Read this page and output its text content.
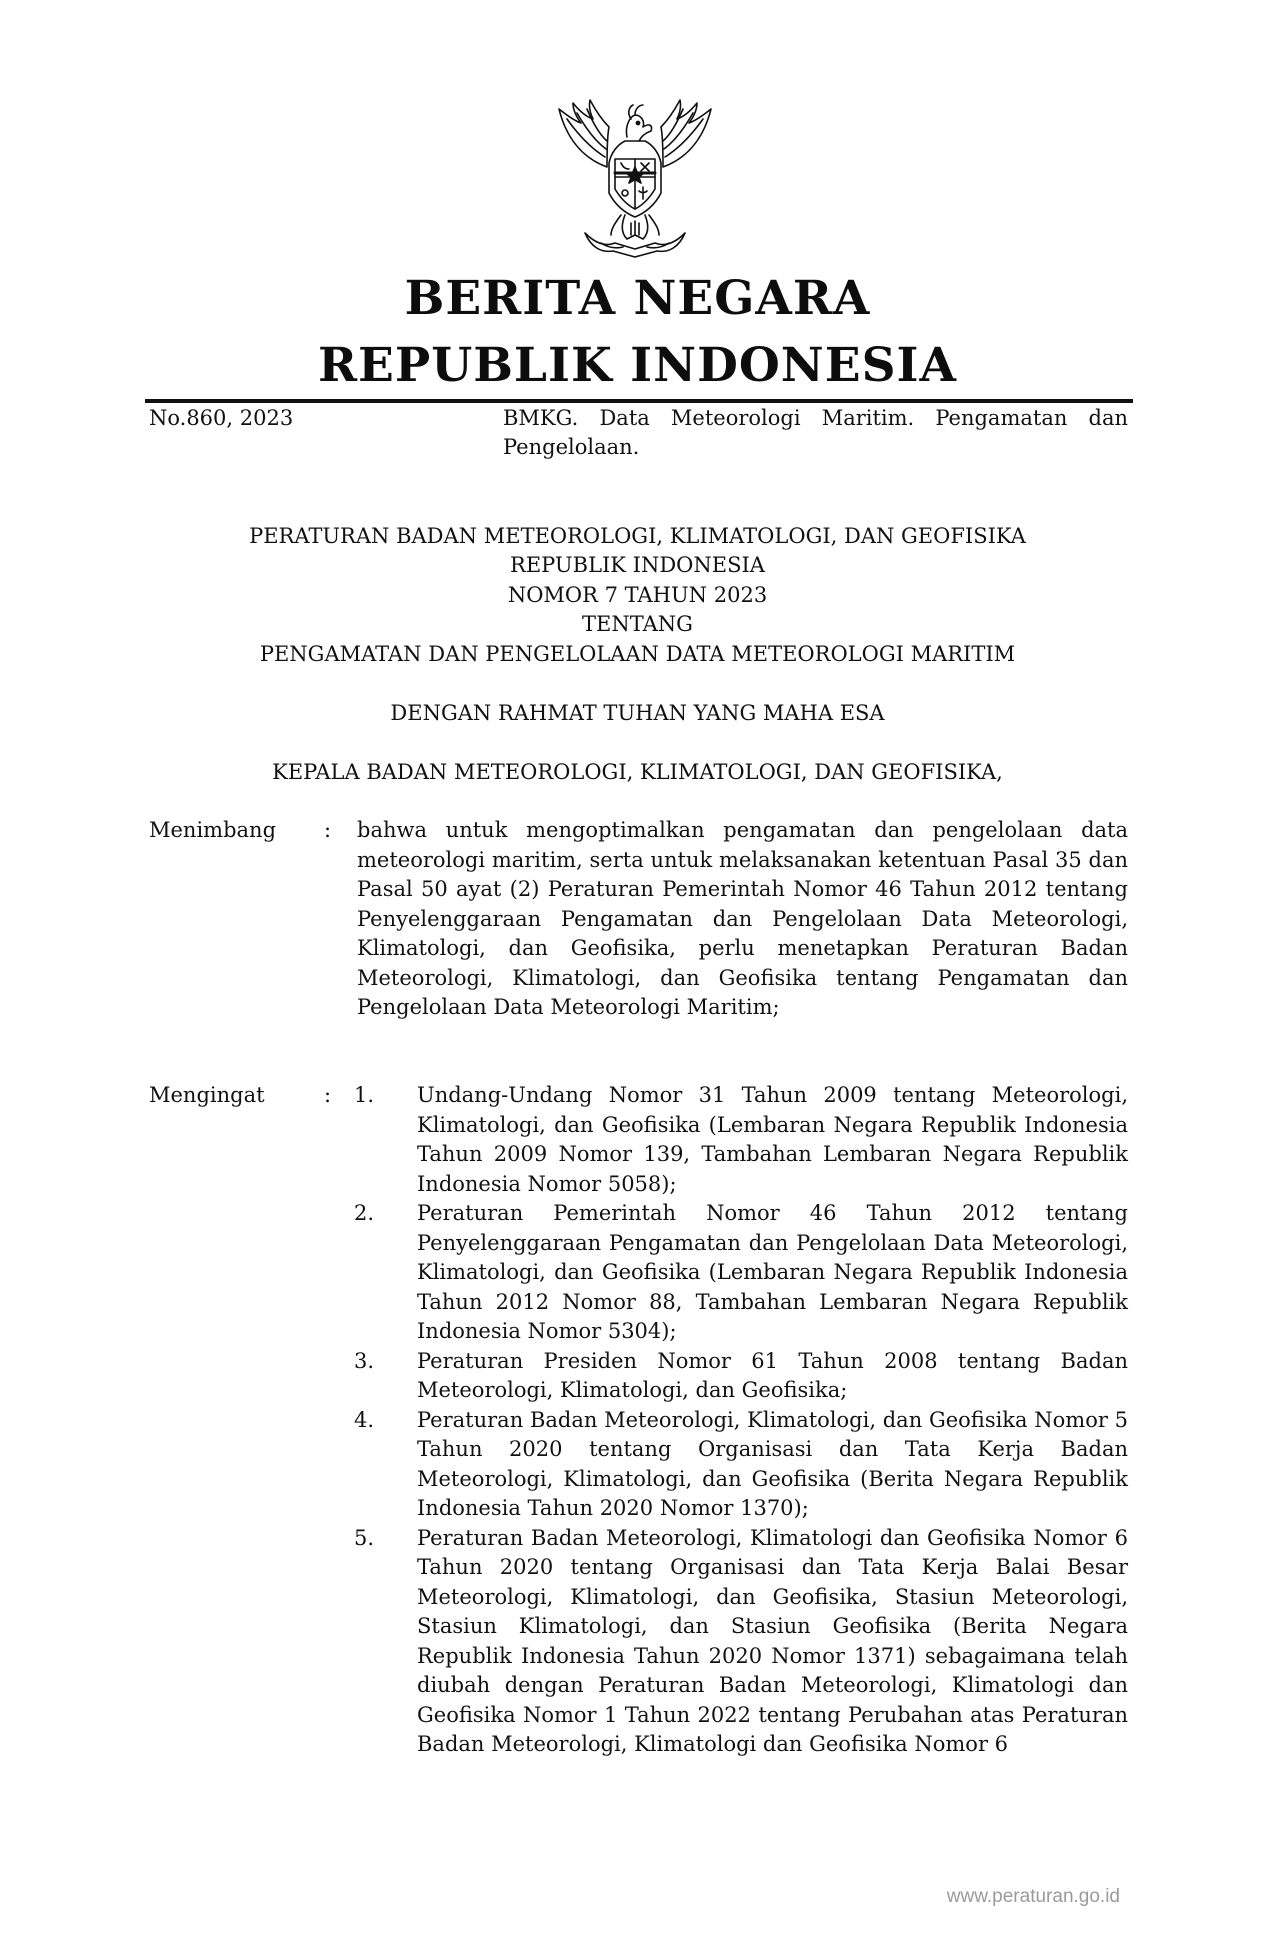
BERITA NEGARA
REPUBLIK INDONESIA
No.860, 2023	BMKG. Data Meteorologi Maritim. Pengamatan dan Pengelolaan.
PERATURAN BADAN METEOROLOGI, KLIMATOLOGI, DAN GEOFISIKA
REPUBLIK INDONESIA
NOMOR 7 TAHUN 2023
TENTANG
PENGAMATAN DAN PENGELOLAAN DATA METEOROLOGI MARITIM
DENGAN RAHMAT TUHAN YANG MAHA ESA
KEPALA BADAN METEOROLOGI, KLIMATOLOGI, DAN GEOFISIKA,
Menimbang : bahwa untuk mengoptimalkan pengamatan dan pengelolaan data meteorologi maritim, serta untuk melaksanakan ketentuan Pasal 35 dan Pasal 50 ayat (2) Peraturan Pemerintah Nomor 46 Tahun 2012 tentang Penyelenggaraan Pengamatan dan Pengelolaan Data Meteorologi, Klimatologi, dan Geofisika, perlu menetapkan Peraturan Badan Meteorologi, Klimatologi, dan Geofisika tentang Pengamatan dan Pengelolaan Data Meteorologi Maritim;
Mengingat	: 1. Undang-Undang Nomor 31 Tahun 2009 tentang Meteorologi, Klimatologi, dan Geofisika (Lembaran Negara Republik Indonesia Tahun 2009 Nomor 139, Tambahan Lembaran Negara Republik Indonesia Nomor 5058);
2. Peraturan Pemerintah Nomor 46 Tahun 2012 tentang Penyelenggaraan Pengamatan dan Pengelolaan Data Meteorologi, Klimatologi, dan Geofisika (Lembaran Negara Republik Indonesia Tahun 2012 Nomor 88, Tambahan Lembaran Negara Republik Indonesia Nomor 5304);
3. Peraturan Presiden Nomor 61 Tahun 2008 tentang Badan Meteorologi, Klimatologi, dan Geofisika;
4. Peraturan Badan Meteorologi, Klimatologi, dan Geofisika Nomor 5 Tahun 2020 tentang Organisasi dan Tata Kerja Badan Meteorologi, Klimatologi, dan Geofisika (Berita Negara Republik Indonesia Tahun 2020 Nomor 1370);
5. Peraturan Badan Meteorologi, Klimatologi dan Geofisika Nomor 6 Tahun 2020 tentang Organisasi dan Tata Kerja Balai Besar Meteorologi, Klimatologi, dan Geofisika, Stasiun Meteorologi, Stasiun Klimatologi, dan Stasiun Geofisika (Berita Negara Republik Indonesia Tahun 2020 Nomor 1371) sebagaimana telah diubah dengan Peraturan Badan Meteorologi, Klimatologi dan Geofisika Nomor 1 Tahun 2022 tentang Perubahan atas Peraturan Badan Meteorologi, Klimatologi dan Geofisika Nomor 6
www.peraturan.go.id
